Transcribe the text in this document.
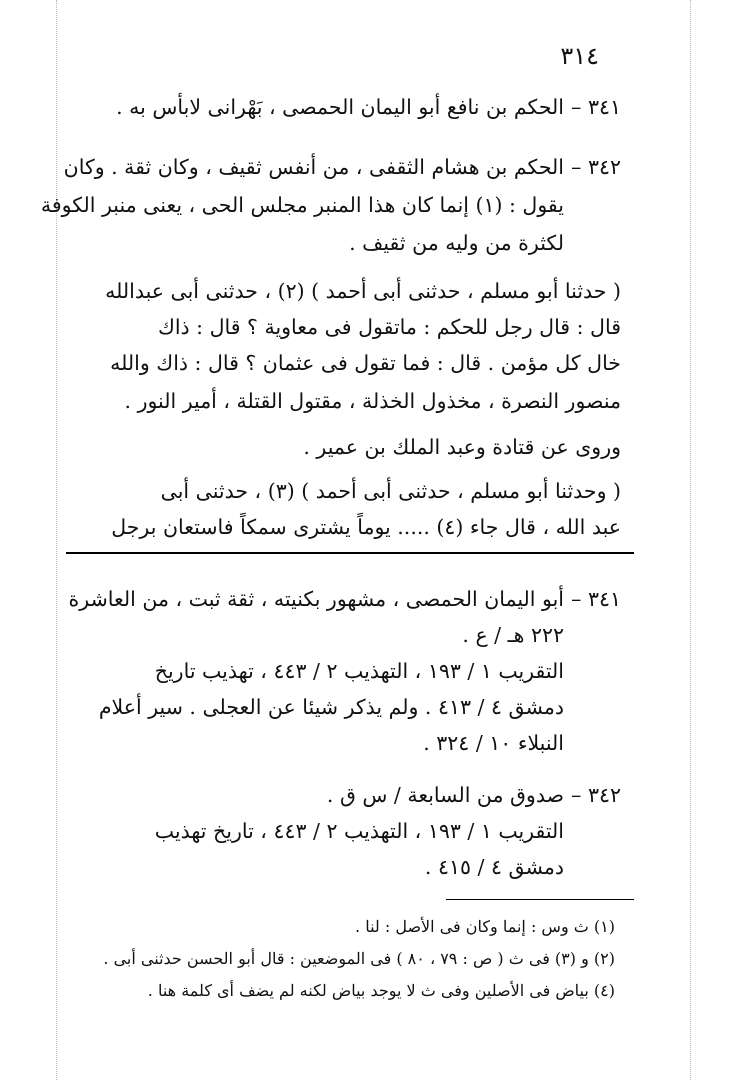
٣١٤
٣٤١ –
الحكم بن نافع أبو اليمان الحمصى ، بَهْرانى لابأس به .
٣٤٢ –
الحكم بن هشام الثقفى ، من أنفس ثقيف ، وكان ثقة . وكان
يقول : (١) إنما كان هذا المنبر مجلس الحى ، يعنى منبر الكوفة
لكثرة من وليه من ثقيف .
( حدثنا أبو مسلم ، حدثنى أبى أحمد ) (٢) ، حدثنى أبى عبدالله
قال : قال رجل للحكم : ماتقول فى معاوية ؟ قال : ذاك
خال كل مؤمن . قال : فما تقول فى عثمان ؟ قال : ذاك والله
منصور النصرة ، مخذول الخذلة ، مقتول القتلة ، أمير النور .
وروى عن قتادة وعبد الملك بن عمير .
( وحدثنا أبو مسلم ، حدثنى أبى أحمد ) (٣) ، حدثنى أبى
عبد الله ، قال جاء (٤) ..... يوماً يشترى سمكاً فاستعان برجل
٣٤١ –
أبو اليمان الحمصى ، مشهور بكنيته ، ثقة ثبت ، من العاشرة
٢٢٢ هـ / ع .
التقريب ١ / ١٩٣ ، التهذيب ٢ / ٤٤٣ ، تهذيب تاريخ
دمشق ٤ / ٤١٣ . ولم يذكر شيئا عن العجلى . سير أعلام
النبلاء ١٠ / ٣٢٤ .
٣٤٢ –
صدوق من السابعة / س ق .
التقريب ١ / ١٩٣ ، التهذيب ٢ / ٤٤٣ ، تاريخ تهذيب
دمشق ٤ / ٤١٥ .
(١) ث وس : إنما وكان فى الأصل : لنا .
(٢) و (٣) فى ث ( ص : ٧٩ ، ٨٠ ) فى الموضعين : قال أبو الحسن حدثنى أبى .
(٤) بياض فى الأصلين وفى ث لا يوجد بياض لكنه لم يضف أى كلمة هنا .
